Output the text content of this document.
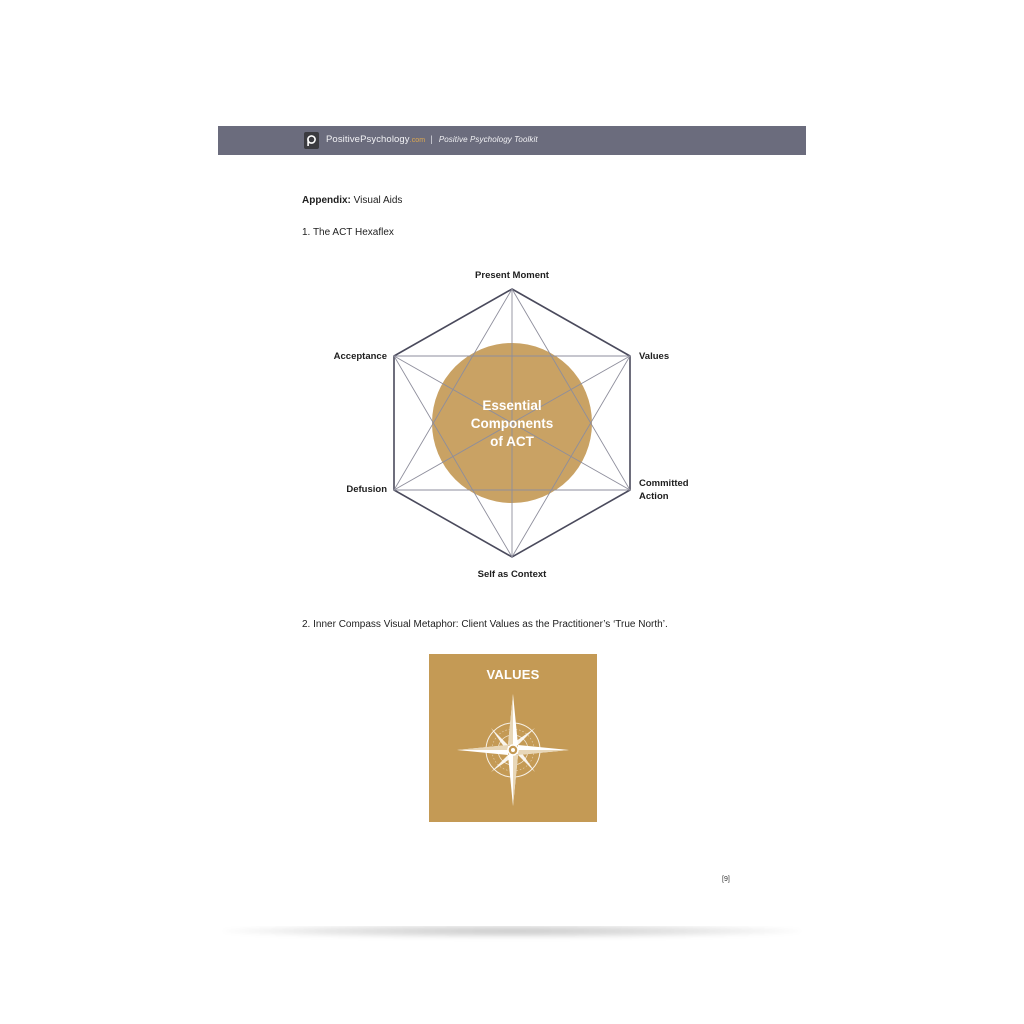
PositivePsychology.com | Positive Psychology Toolkit
Appendix: Visual Aids
1. The ACT Hexaflex
Essential
Components
of ACT
Present Moment
Values
Committed
Action
Self as Context
Defusion
Acceptance
2. Inner Compass Visual Metaphor: Client Values as the Practitioner’s ‘True North’.
VALUES
[9]
